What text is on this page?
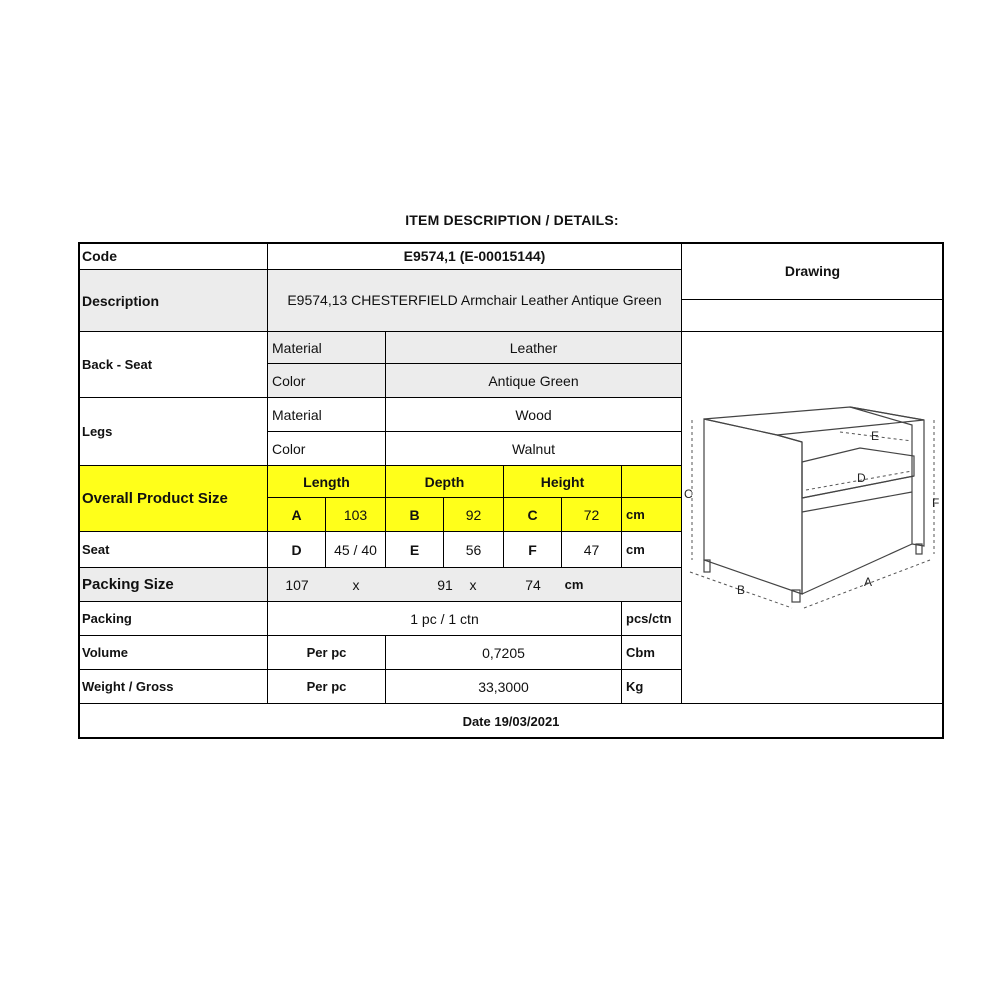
ITEM DESCRIPTION / DETAILS:
Code	E9574,1 (E-00015144)
Drawing
Description	E9574,13 CHESTERFIELD Armchair Leather Antique Green
Back - Seat
Material	Leather
Color	Antique Green
Legs
Material	Wood
Color	Walnut
Overall Product Size
Length	Depth	Height
A	103	B	92	C	72	cm
Seat	D	45 / 40	E	56	F	47	cm
Packing Size	107	x	91	x	74	cm
Packing	1 pc / 1 ctn	pcs/ctn
Volume	Per pc	0,7205	Cbm
Weight / Gross	Per pc	33,3000	Kg
E
D
C
F
B
A
Date 19/03/2021
